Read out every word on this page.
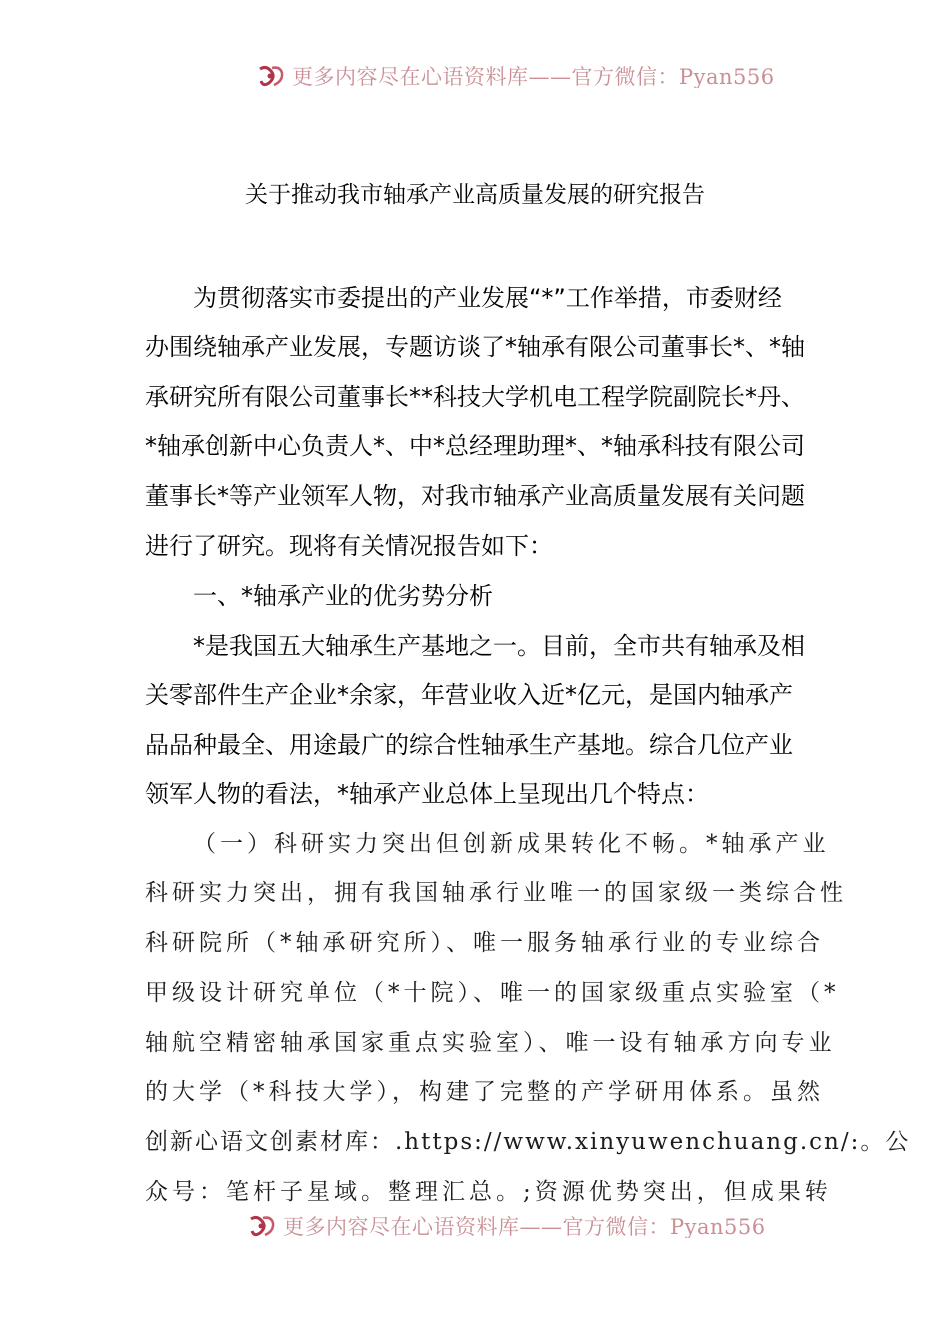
更多内容尽在心语资料库——官方微信：Pyan556
关于推动我市轴承产业高质量发展的研究报告

为贯彻落实市委提出的产业发展“*”工作举措，市委财经

办围绕轴承产业发展，专题访谈了*轴承有限公司董事长*、*轴

承研究所有限公司董事长**科技大学机电工程学院副院长*丹、

*轴承创新中心负责人*、中*总经理助理*、*轴承科技有限公司

董事长*等产业领军人物，对我市轴承产业高质量发展有关问题

进行了研究。现将有关情况报告如下：

一、*轴承产业的优劣势分析

*是我国五大轴承生产基地之一。目前，全市共有轴承及相

关零部件生产企业*余家，年营业收入近*亿元，是国内轴承产

品品种最全、用途最广的综合性轴承生产基地。综合几位产业

领军人物的看法，*轴承产业总体上呈现出几个特点：

（一）科研实力突出但创新成果转化不畅。*轴承产业

科研实力突出，拥有我国轴承行业唯一的国家级一类综合性

科研院所（*轴承研究所）、唯一服务轴承行业的专业综合

甲级设计研究单位（*十院）、唯一的国家级重点实验室（*

轴航空精密轴承国家重点实验室）、唯一设有轴承方向专业

的大学（*科技大学），构建了完整的产学研用体系。虽然

创新心语文创素材库：.https://www.xinyuwenchuang.cn/:。公

众号：笔杆子星域。整理汇总。;资源优势突出，但成果转

更多内容尽在心语资料库——官方微信：Pyan556
